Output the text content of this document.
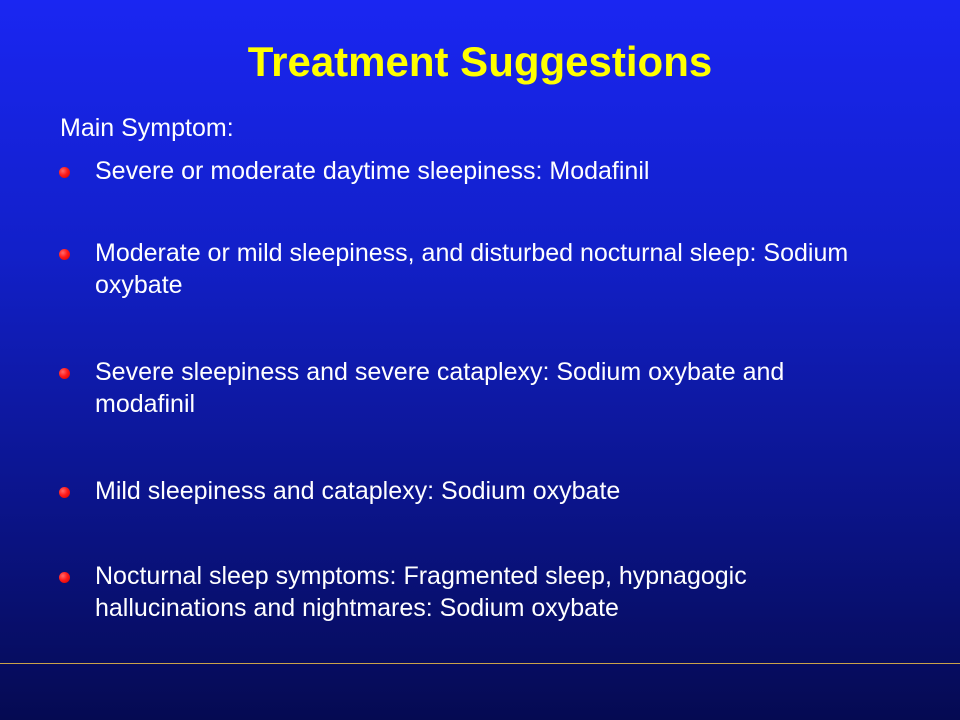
Treatment Suggestions

Main Symptom:

Severe or moderate daytime sleepiness: Modafinil
Moderate or mild sleepiness, and disturbed nocturnal sleep: Sodium oxybate
Severe sleepiness and severe cataplexy: Sodium oxybate and modafinil
Mild sleepiness and cataplexy: Sodium oxybate
Nocturnal sleep symptoms: Fragmented sleep, hypnagogic hallucinations and nightmares: Sodium oxybate
